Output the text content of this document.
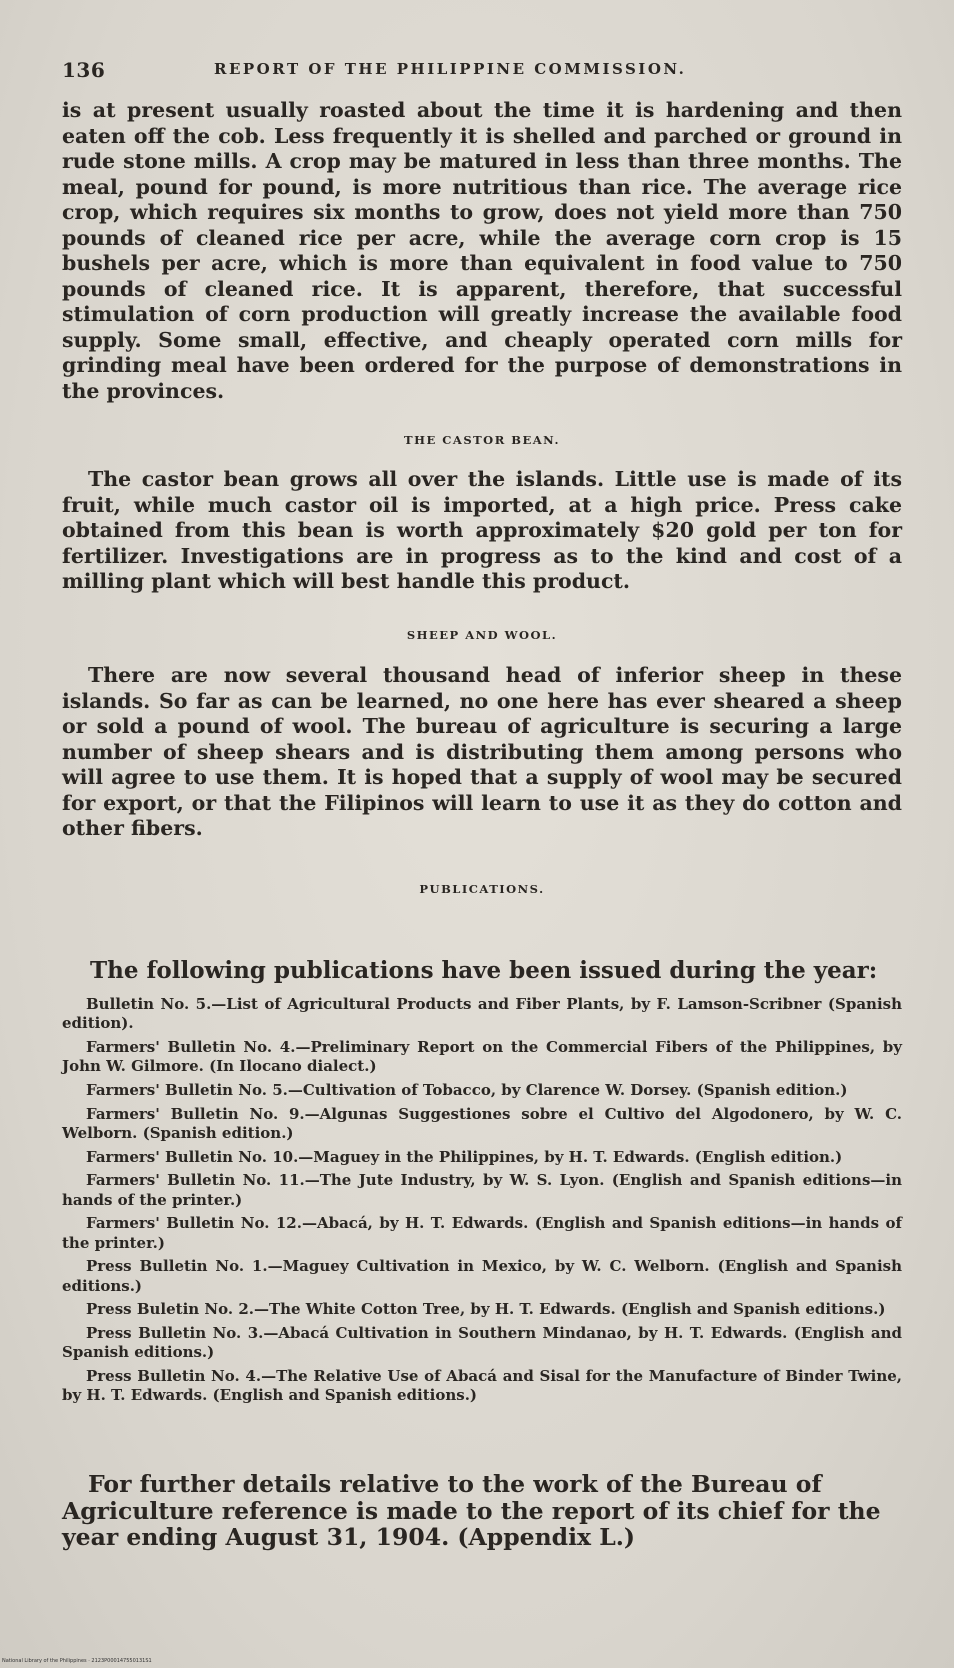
136	REPORT OF THE PHILIPPINE COMMISSION.

is at present usually roasted about the time it is hardening and then eaten off the cob. Less frequently it is shelled and parched or ground in rude stone mills. A crop may be matured in less than three months. The meal, pound for pound, is more nutritious than rice. The average rice crop, which requires six months to grow, does not yield more than 750 pounds of cleaned rice per acre, while the average corn crop is 15 bushels per acre, which is more than equivalent in food value to 750 pounds of cleaned rice. It is apparent, therefore, that successful stimulation of corn production will greatly increase the available food supply. Some small, effective, and cheaply operated corn mills for grinding meal have been ordered for the purpose of demonstrations in the provinces.

THE CASTOR BEAN.

The castor bean grows all over the islands. Little use is made of its fruit, while much castor oil is imported, at a high price. Press cake obtained from this bean is worth approximately $20 gold per ton for fertilizer. Investigations are in progress as to the kind and cost of a milling plant which will best handle this product.

SHEEP AND WOOL.

There are now several thousand head of inferior sheep in these islands. So far as can be learned, no one here has ever sheared a sheep or sold a pound of wool. The bureau of agriculture is securing a large number of sheep shears and is distributing them among persons who will agree to use them. It is hoped that a supply of wool may be secured for export, or that the Filipinos will learn to use it as they do cotton and other fibers.

PUBLICATIONS.
The following publications have been issued during the year:

Bulletin No. 5.—List of Agricultural Products and Fiber Plants, by F. Lamson-Scribner (Spanish edition).

Farmers' Bulletin No. 4.—Preliminary Report on the Commercial Fibers of the Philippines, by John W. Gilmore. (In Ilocano dialect.)

Farmers' Bulletin No. 5.—Cultivation of Tobacco, by Clarence W. Dorsey. (Spanish edition.)

Farmers' Bulletin No. 9.—Algunas Suggestiones sobre el Cultivo del Algodonero, by W. C. Welborn. (Spanish edition.)

Farmers' Bulletin No. 10.—Maguey in the Philippines, by H. T. Edwards. (English edition.)

Farmers' Bulletin No. 11.—The Jute Industry, by W. S. Lyon. (English and Spanish editions—in hands of the printer.)

Farmers' Bulletin No. 12.—Abacá, by H. T. Edwards. (English and Spanish editions—in hands of the printer.)

Press Bulletin No. 1.—Maguey Cultivation in Mexico, by W. C. Welborn. (English and Spanish editions.)

Press Buletin No. 2.—The White Cotton Tree, by H. T. Edwards. (English and Spanish editions.)

Press Bulletin No. 3.—Abacá Cultivation in Southern Mindanao, by H. T. Edwards. (English and Spanish editions.)

Press Bulletin No. 4.—The Relative Use of Abacá and Sisal for the Manufacture of Binder Twine, by H. T. Edwards. (English and Spanish editions.)

For further details relative to the work of the Bureau of Agriculture reference is made to the report of its chief for the year ending August 31, 1904. (Appendix L.)

National Library of the Philippines · 2123P000147550131S1
